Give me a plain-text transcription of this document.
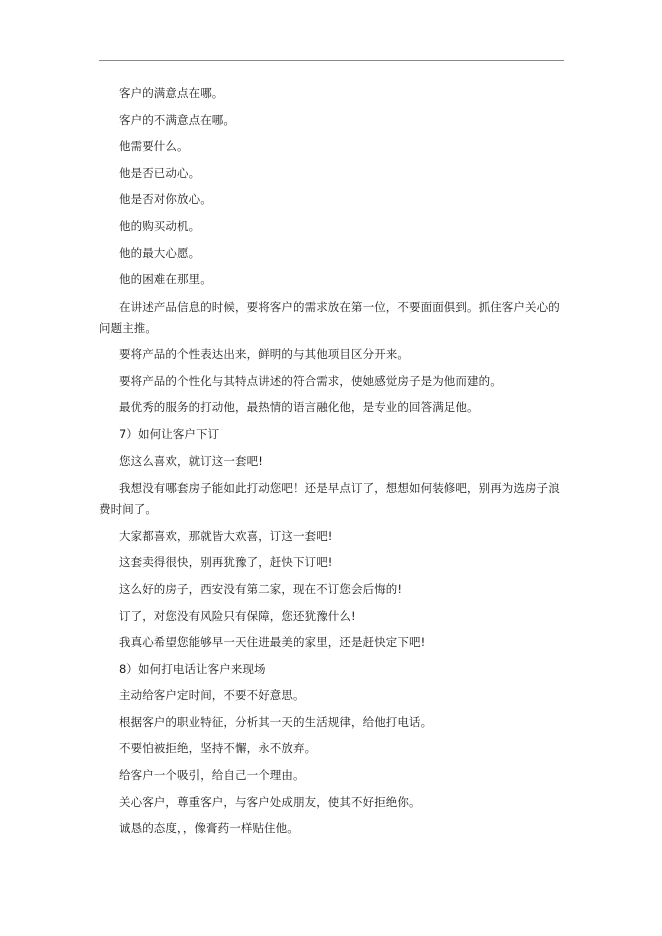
客户的满意点在哪。

客户的不满意点在哪。

他需要什么。

他是否已动心。

他是否对你放心。

他的购买动机。

他的最大心愿。

他的困难在那里。

在讲述产品信息的时候，要将客户的需求放在第一位，不要面面俱到。抓住客户关心的问题主推。

要将产品的个性表达出来，鲜明的与其他项目区分开来。

要将产品的个性化与其特点讲述的符合需求，使她感觉房子是为他而建的。

最优秀的服务的打动他，最热情的语言融化他，是专业的回答满足他。

7）如何让客户下订

您这么喜欢，就订这一套吧!

我想没有哪套房子能如此打动您吧！还是早点订了，想想如何装修吧，别再为选房子浪费时间了。

大家都喜欢，那就皆大欢喜，订这一套吧!

这套卖得很快，别再犹豫了，赶快下订吧!

这么好的房子，西安没有第二家，现在不订您会后悔的!

订了，对您没有风险只有保障，您还犹豫什么!

我真心希望您能够早一天住进最美的家里，还是赶快定下吧!

8）如何打电话让客户来现场

主动给客户定时间，不要不好意思。

根据客户的职业特征，分析其一天的生活规律，给他打电话。

不要怕被拒绝，坚持不懈，永不放弃。

给客户一个吸引，给自己一个理由。

关心客户，尊重客户，与客户处成朋友，使其不好拒绝你。

诚恳的态度，，像膏药一样贴住他。
